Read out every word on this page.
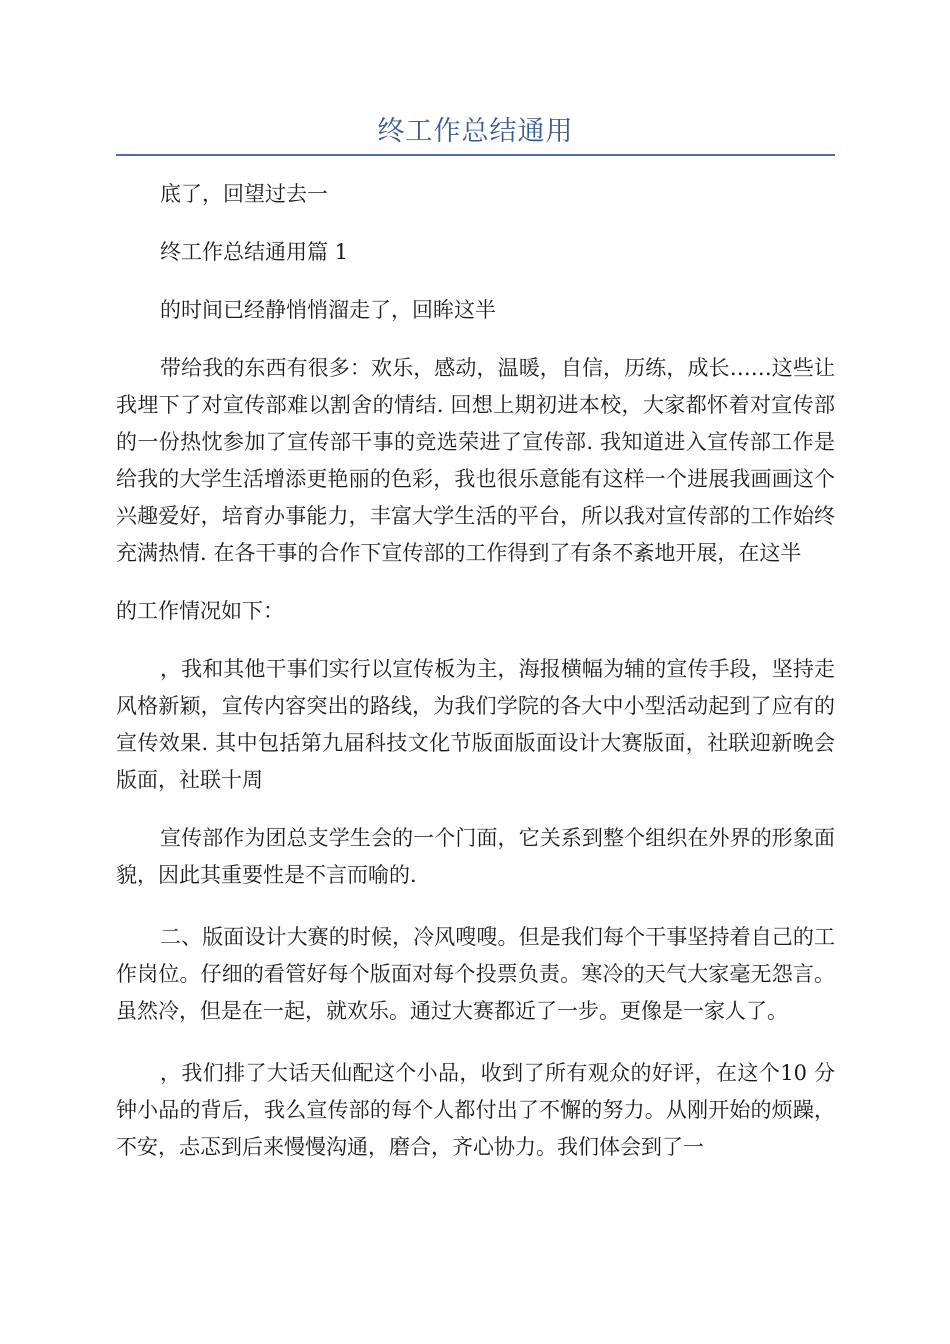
终工作总结通用

底了，回望过去一

终工作总结通用篇 1

的时间已经静悄悄溜走了，回眸这半

带给我的东西有很多：欢乐，感动，温暖，自信，历练，成长……这些让我埋下了对宣传部难以割舍的情结. 回想上期初进本校，大家都怀着对宣传部的一份热忱参加了宣传部干事的竞选荣进了宣传部. 我知道进入宣传部工作是给我的大学生活增添更艳丽的色彩，我也很乐意能有这样一个进展我画画这个兴趣爱好，培育办事能力，丰富大学生活的平台，所以我对宣传部的工作始终充满热情. 在各干事的合作下宣传部的工作得到了有条不紊地开展，在这半

的工作情况如下：

，我和其他干事们实行以宣传板为主，海报横幅为辅的宣传手段，坚持走风格新颖，宣传内容突出的路线，为我们学院的各大中小型活动起到了应有的宣传效果. 其中包括第九届科技文化节版面版面设计大赛版面，社联迎新晚会版面，社联十周

宣传部作为团总支学生会的一个门面，它关系到整个组织在外界的形象面貌，因此其重要性是不言而喻的.

二、版面设计大赛的时候，冷风嗖嗖。但是我们每个干事坚持着自己的工作岗位。仔细的看管好每个版面对每个投票负责。寒冷的天气大家毫无怨言。虽然冷，但是在一起，就欢乐。通过大赛都近了一步。更像是一家人了。

，我们排了大话天仙配这个小品，收到了所有观众的好评，在这个10 分钟小品的背后，我么宣传部的每个人都付出了不懈的努力。从刚开始的烦躁，不安，忐忑到后来慢慢沟通，磨合，齐心协力。我们体会到了一
